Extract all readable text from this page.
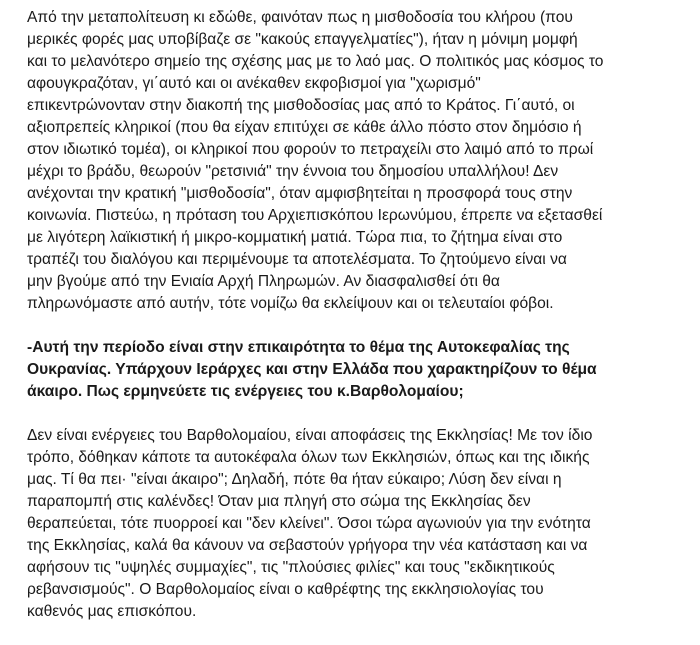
Από την μεταπολίτευση κι εδώθε, φαινόταν πως η μισθοδοσία του κλήρου (που
μερικές φορές μας υποβίβαζε σε "κακούς επαγγελματίες"), ήταν η μόνιμη μομφή
και το μελανότερο σημείο της σχέσης μας με το λαό μας. Ο πολιτικός μας κόσμος το
αφουγκραζόταν, γι΄αυτό και οι ανέκαθεν εκφοβισμοί για "χωρισμό"
επικεντρώνονταν στην διακοπή της μισθοδοσίας μας από το Κράτος. Γι΄αυτό, οι
αξιοπρεπείς κληρικοί (που θα είχαν επιτύχει σε κάθε άλλο πόστο στον δημόσιο ή
στον ιδιωτικό τομέα), οι κληρικοί που φορούν το πετραχείλι στο λαιμό από το πρωί
μέχρι το βράδυ, θεωρούν "ρετσινιά" την έννοια του δημοσίου υπαλλήλου! Δεν
ανέχονται την κρατική "μισθοδοσία", όταν αμφισβητείται η προσφορά τους στην
κοινωνία. Πιστεύω, η πρόταση του Αρχιεπισκόπου Ιερωνύμου, έπρεπε να εξετασθεί
με λιγότερη λαϊκιστική ή μικρο-κομματική ματιά. Τώρα πια, το ζήτημα είναι στο
τραπέζι του διαλόγου και περιμένουμε τα αποτελέσματα. Το ζητούμενο είναι να
μην βγούμε από την Ενιαία Αρχή Πληρωμών. Αν διασφαλισθεί ότι θα
πληρωνόμαστε από αυτήν, τότε νομίζω θα εκλείψουν και οι τελευταίοι φόβοι.
-Αυτή την περίοδο είναι στην επικαιρότητα το θέμα της Αυτοκεφαλίας της
Ουκρανίας. Υπάρχουν Ιεράρχες και στην Ελλάδα που χαρακτηρίζουν το θέμα
άκαιρο. Πως ερμηνεύετε τις ενέργειες του κ.Βαρθολομαίου;
Δεν είναι ενέργειες του Βαρθολομαίου, είναι αποφάσεις της Εκκλησίας! Με τον ίδιο
τρόπο, δόθηκαν κάποτε τα αυτοκέφαλα όλων των Εκκλησιών, όπως και της ιδικής
μας. Τί θα πει· "είναι άκαιρο"; Δηλαδή, πότε θα ήταν εύκαιρο; Λύση δεν είναι η
παραπομπή στις καλένδες! Όταν μια πληγή στο σώμα της Εκκλησίας δεν
θεραπεύεται, τότε πυορροεί και "δεν κλείνει". Όσοι τώρα αγωνιούν για την ενότητα
της Εκκλησίας, καλά θα κάνουν να σεβαστούν γρήγορα την νέα κατάσταση και να
αφήσουν τις "υψηλές συμμαχίες", τις "πλούσιες φιλίες" και τους "εκδικητικούς
ρεβανσισμούς". Ο Βαρθολομαίος είναι ο καθρέφτης της εκκλησιολογίας του
καθενός μας επισκόπου.
